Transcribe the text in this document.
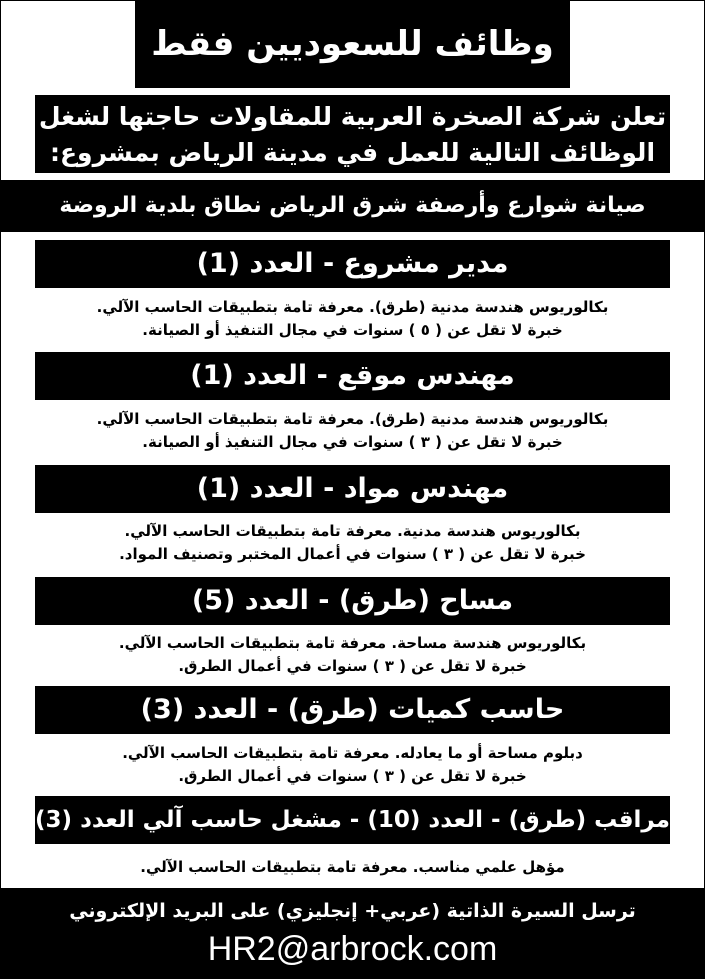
وظائف للسعوديين فقط
تعلن شركة الصخرة العربية للمقاولات حاجتها لشغل
الوظائف التالية للعمل في مدينة الرياض بمشروع:
صيانة شوارع وأرصفة شرق الرياض نطاق بلدية الروضة
مدير مشروع - العدد (1)
بكالوريوس هندسة مدنية (طرق). معرفة تامة بتطبيقات الحاسب الآلي.
خبرة لا تقل عن ( ٥ ) سنوات في مجال التنفيذ أو الصيانة.
مهندس موقع - العدد (1)
بكالوريوس هندسة مدنية (طرق). معرفة تامة بتطبيقات الحاسب الآلي.
خبرة لا تقل عن ( ٣ ) سنوات في مجال التنفيذ أو الصيانة.
مهندس مواد - العدد (1)
بكالوريوس هندسة مدنية. معرفة تامة بتطبيقات الحاسب الآلي.
خبرة لا تقل عن ( ٣ ) سنوات في أعمال المختبر وتصنيف المواد.
مساح (طرق) - العدد (5)
بكالوريوس هندسة مساحة. معرفة تامة بتطبيقات الحاسب الآلي.
خبرة لا تقل عن ( ٣ ) سنوات في أعمال الطرق.
حاسب كميات (طرق) - العدد (3)
دبلوم مساحة أو ما يعادله. معرفة تامة بتطبيقات الحاسب الآلي.
خبرة لا تقل عن ( ٣ ) سنوات في أعمال الطرق.
مراقب (طرق) - العدد (10) - مشغل حاسب آلي العدد (3)
مؤهل علمي مناسب. معرفة تامة بتطبيقات الحاسب الآلي.
ترسل السيرة الذاتية (عربي+ إنجليزي) على البريد الإلكتروني
HR2@arbrock.com
